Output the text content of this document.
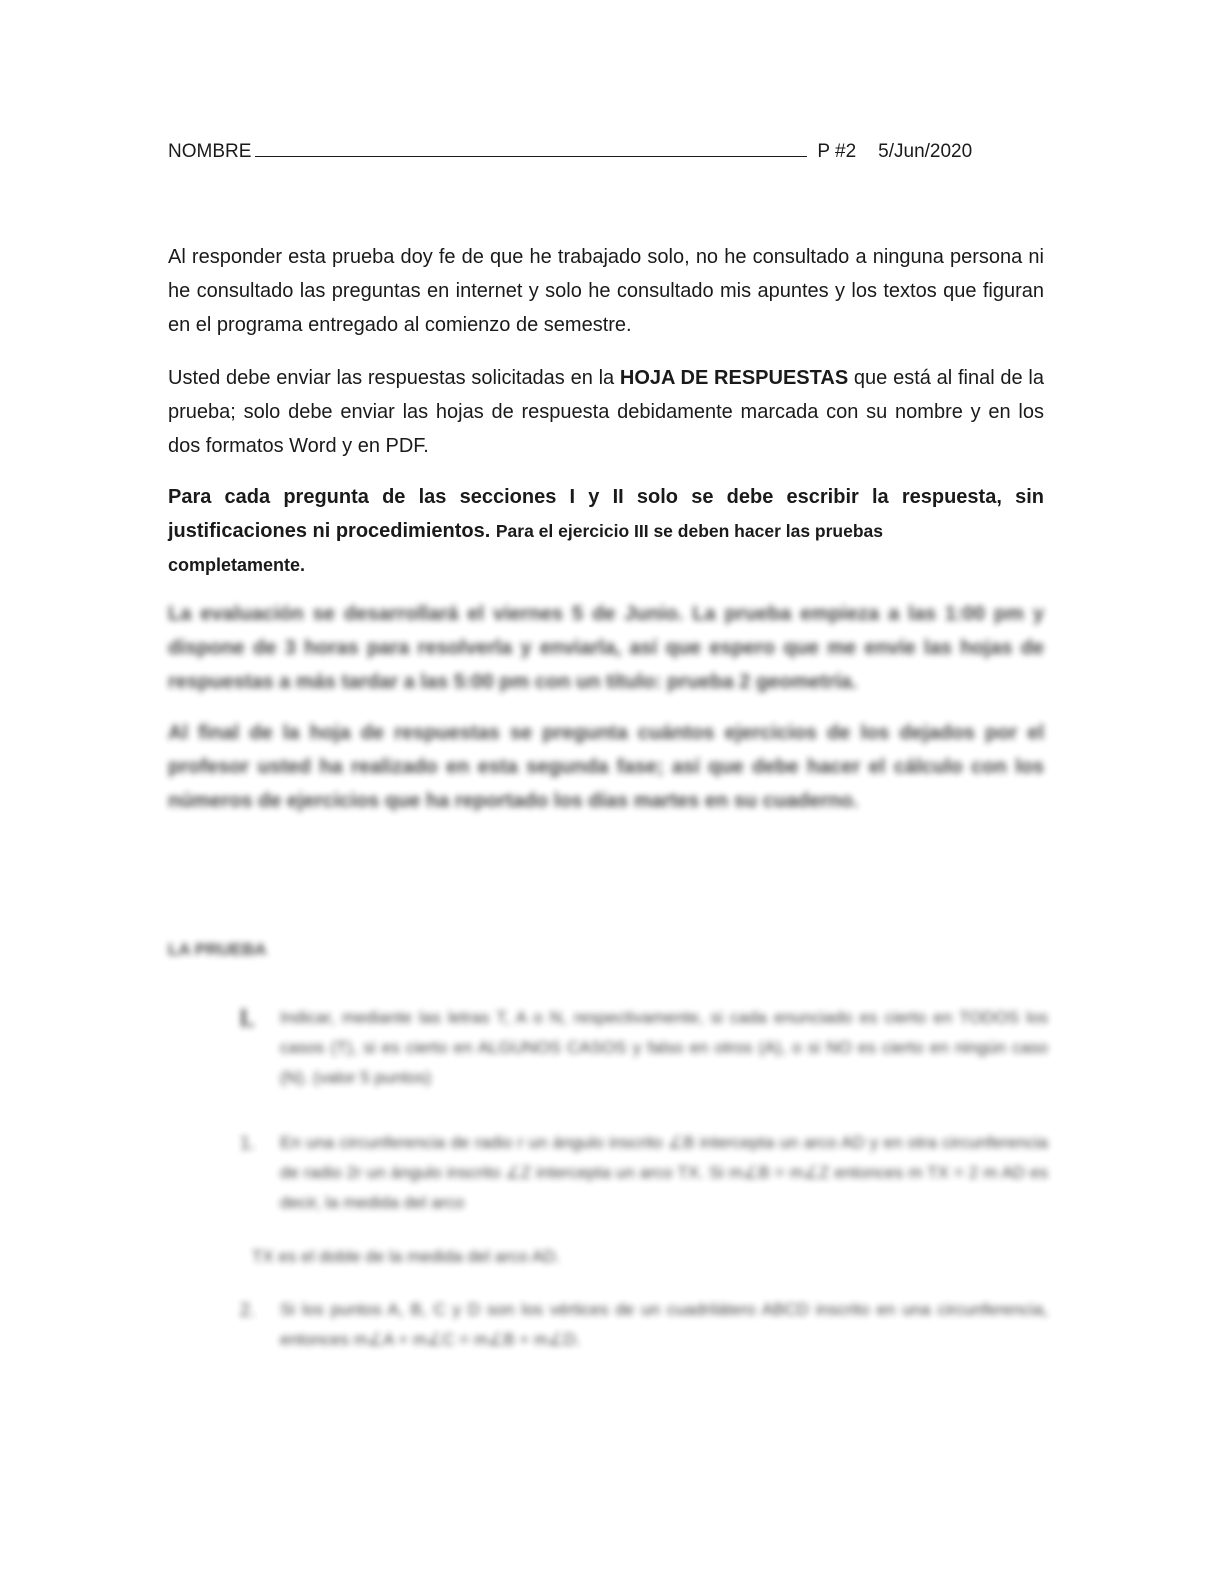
NOMBRE	P #2 5/Jun/2020
Al responder esta prueba doy fe de que he trabajado solo, no he consultado a ninguna persona ni he consultado las preguntas en internet y solo he consultado mis apuntes y los textos que figuran en el programa entregado al comienzo de semestre.
Usted debe enviar las respuestas solicitadas en la HOJA DE RESPUESTAS que está al final de la prueba; solo debe enviar las hojas de respuesta debidamente marcada con su nombre y en los dos formatos Word y en PDF.
Para cada pregunta de las secciones I y II solo se debe escribir la respuesta, sin justificaciones ni procedimientos. Para el ejercicio III se deben hacer las pruebas
completamente.
La evaluación se desarrollará el viernes 5 de Junio. La prueba empieza a las 1:00 pm y dispone de 3 horas para resolverla y enviarla, así que espero que me envíe las hojas de respuestas a más tardar a las 5:00 pm con un título: prueba 2 geometría.
Al final de la hoja de respuestas se pregunta cuántos ejercicios de los dejados por el profesor usted ha realizado en esta segunda fase; así que debe hacer el cálculo con los números de ejercicios que ha reportado los días martes en su cuaderno.
LA PRUEBA
I. Indicar, mediante las letras T, A o N, respectivamente, si cada enunciado es cierto en TODOS los casos (T), si es cierto en ALGUNOS CASOS y falso en otros (A), o si NO es cierto en ningún caso (N). (valor 5 puntos)
1. En una circunferencia de radio r un ángulo inscrito ∠B intercepta un arco AD y en otra circunferencia de radio 2r un ángulo inscrito ∠Z intercepta un arco TX. Si m∠B = m∠Z entonces m TX = 2 m AD es decir, la medida del arco
TX es el doble de la medida del arco AD.
2. Si los puntos A, B, C y D son los vértices de un cuadrilátero ABCD inscrito en una circunferencia, entonces m∠A + m∠C = m∠B + m∠D.
